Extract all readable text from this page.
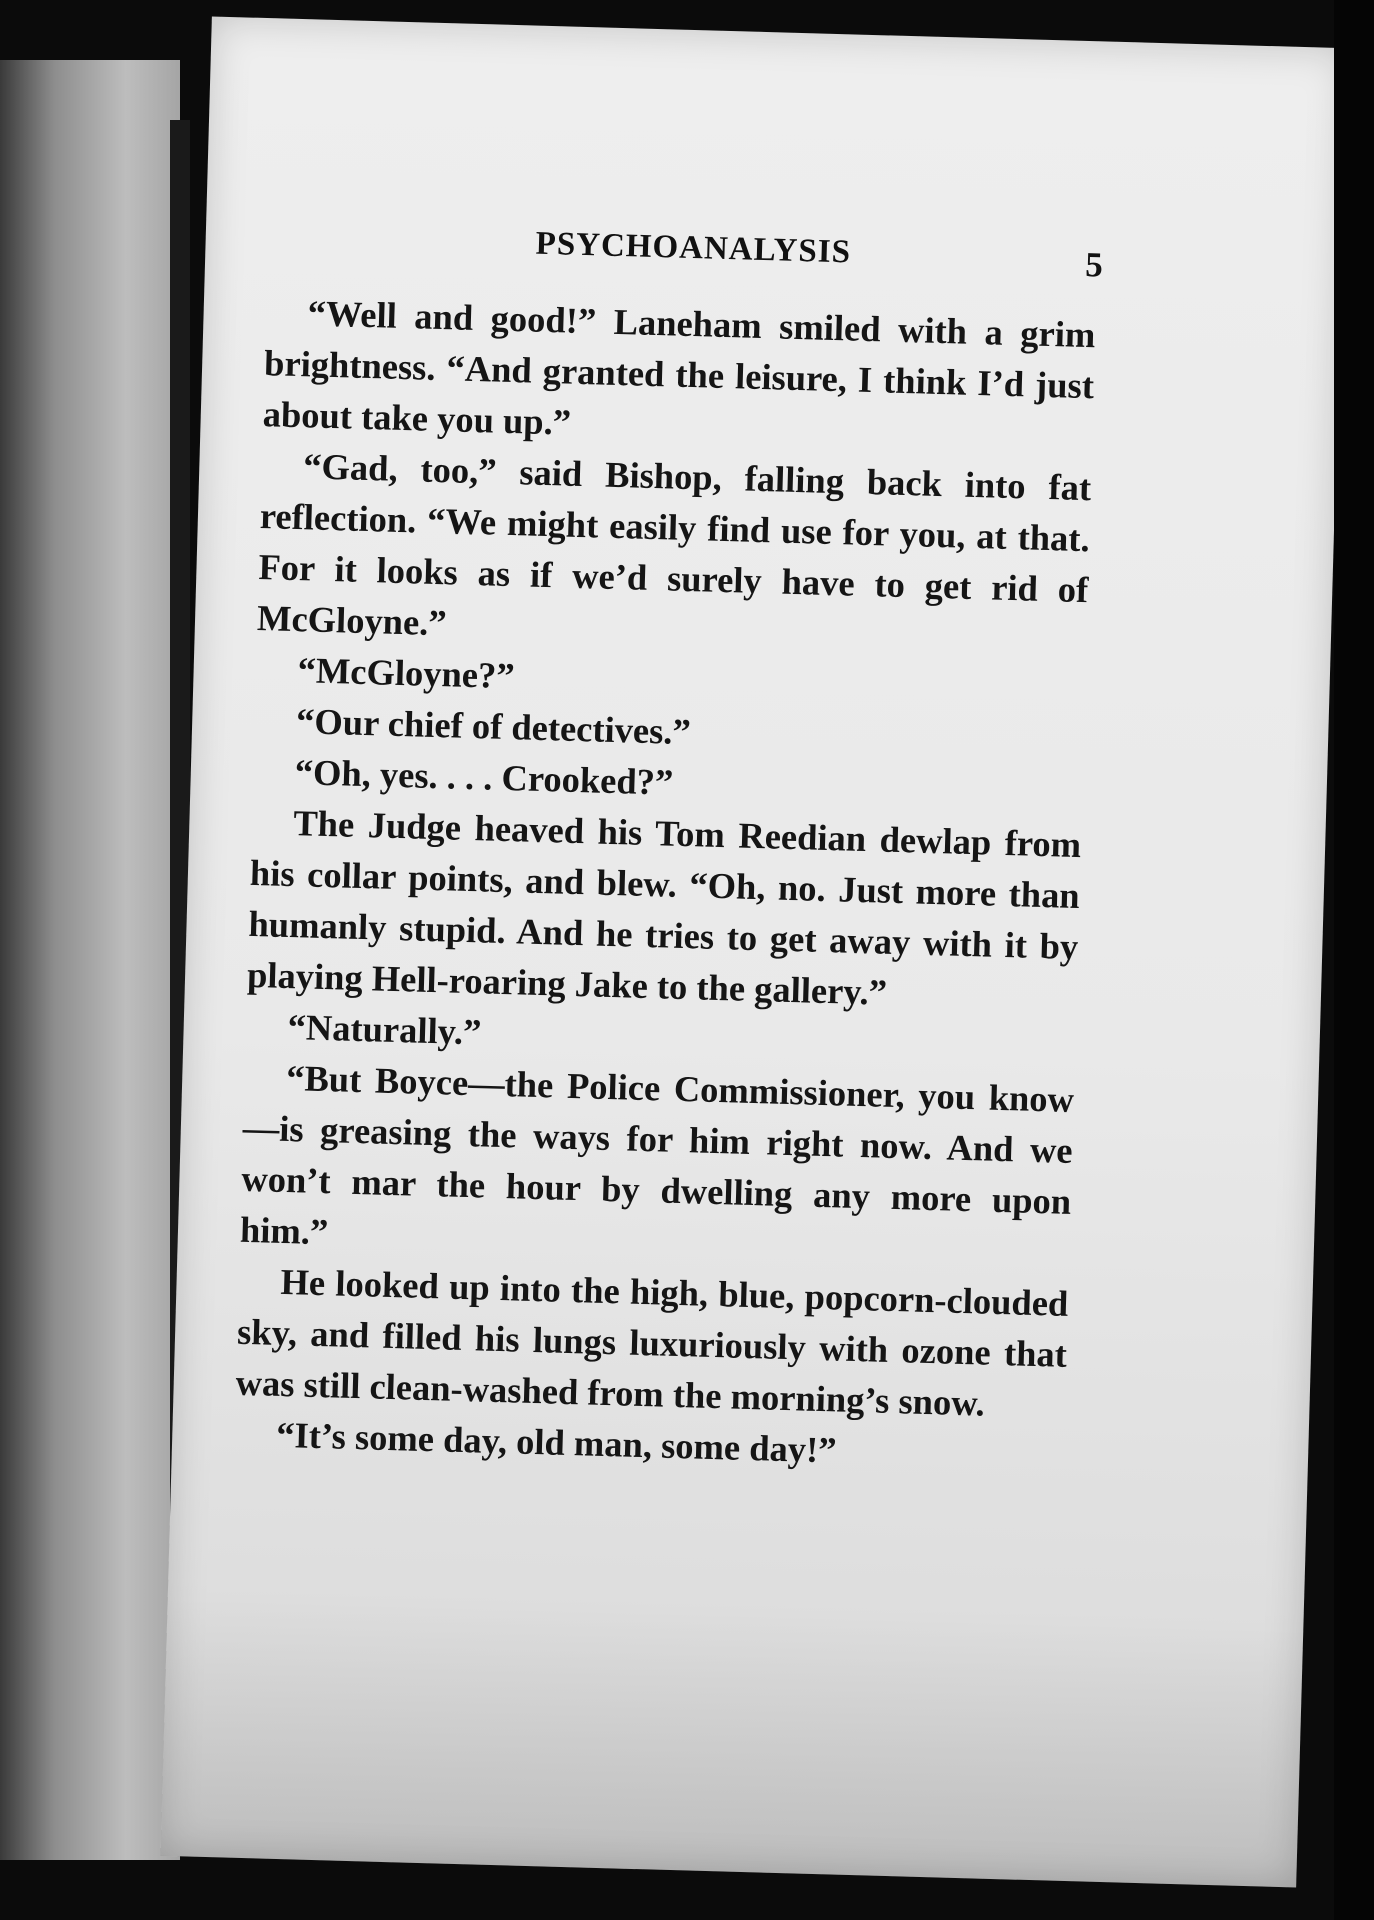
PSYCHOANALYSIS	5

“Well and good!” Laneham smiled with a grim brightness. “And granted the leisure, I think I’d just about take you up.”

“Gad, too,” said Bishop, falling back into fat reflection. “We might easily find use for you, at that. For it looks as if we’d surely have to get rid of McGloyne.”

“McGloyne?”

“Our chief of detectives.”

“Oh, yes. . . . Crooked?”

The Judge heaved his Tom Reedian dewlap from his collar points, and blew. “Oh, no. Just more than humanly stupid. And he tries to get away with it by playing Hell-roaring Jake to the gallery.”

“Naturally.”

“But Boyce—the Police Commissioner, you know—is greasing the ways for him right now. And we won’t mar the hour by dwelling any more upon him.”

He looked up into the high, blue, popcorn-clouded sky, and filled his lungs luxuriously with ozone that was still clean-washed from the morning’s snow.

“It’s some day, old man, some day!”
